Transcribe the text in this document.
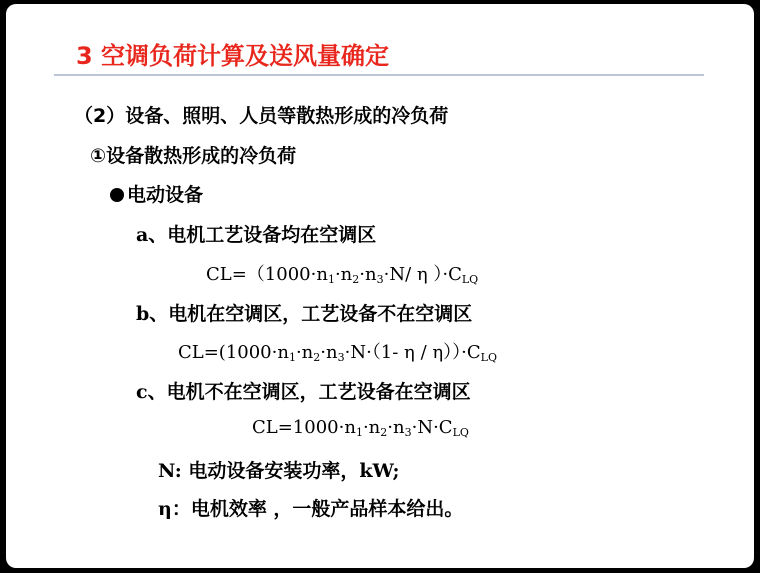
3 空调负荷计算及送风量确定
（2）设备、照明、人员等散热形成的冷负荷
①设备散热形成的冷负荷
电动设备
a、电机工艺设备均在空调区
$CL=(1000\cdot n_1\cdot n_2\cdot n_3\cdot N/$ η ）$\cdot C_{LQ}$
b、电机在空调区，工艺设备不在空调区
$CL=(1000\cdot n_1\cdot n_2\cdot n_3\cdot N\cdot(1-$ $\eta / \eta))\cdot C_{LQ}$
c、电机不在空调区，工艺设备在空调区
$CL=1000\cdot n_1\cdot n_2\cdot n_3\cdot N\cdot C_{LQ}$
N: 电动设备安装功率，kW;
η：电机效率 ，一般产品样本给出。
